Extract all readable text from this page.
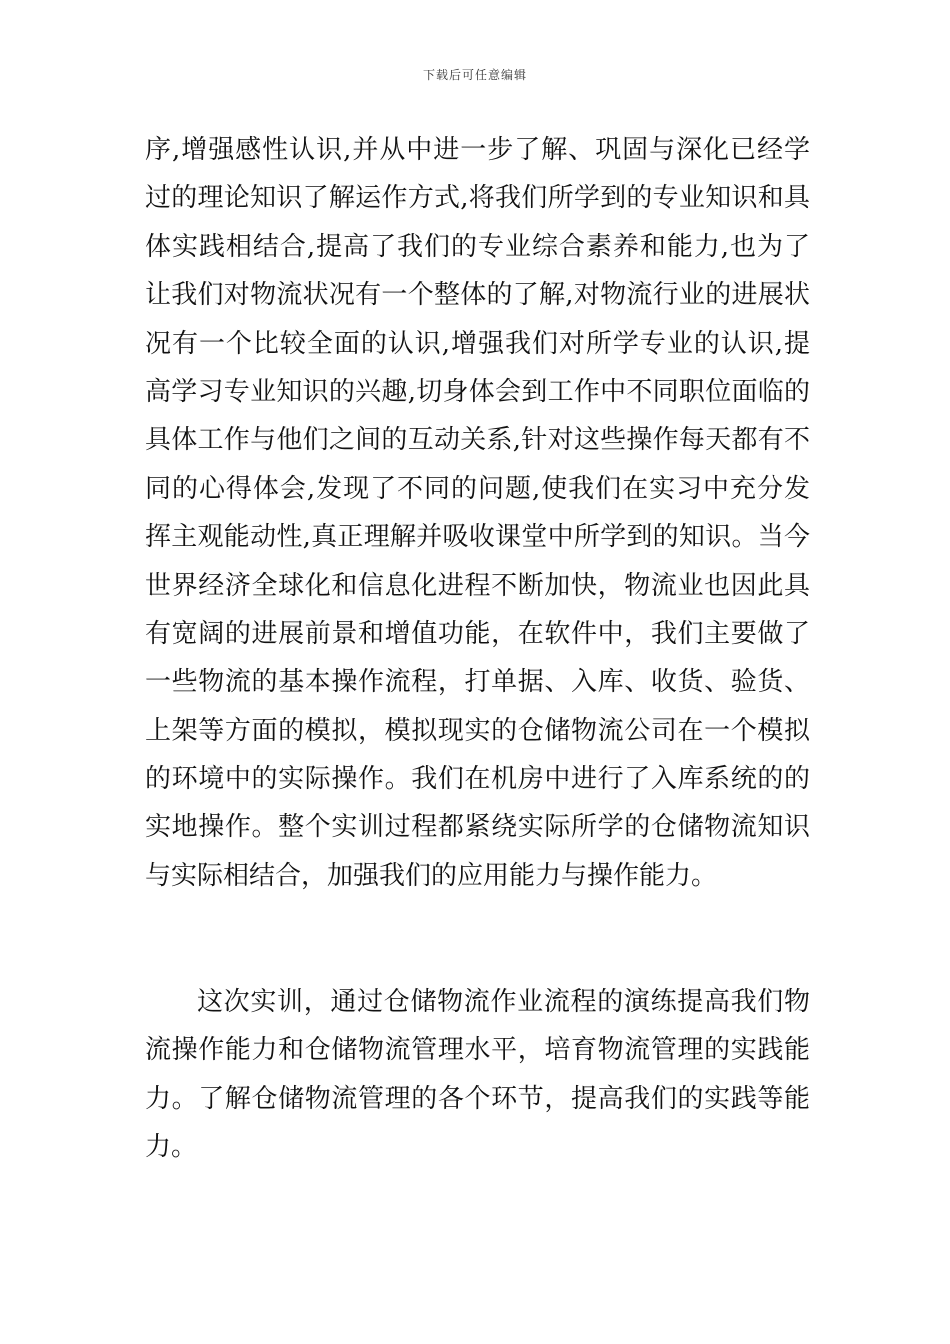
下载后可任意编辑
序,增强感性认识,并从中进一步了解、巩固与深化已经学
过的理论知识了解运作方式,将我们所学到的专业知识和具
体实践相结合,提高了我们的专业综合素养和能力,也为了
让我们对物流状况有一个整体的了解,对物流行业的进展状
况有一个比较全面的认识,增强我们对所学专业的认识,提
高学习专业知识的兴趣,切身体会到工作中不同职位面临的
具体工作与他们之间的互动关系,针对这些操作每天都有不
同的心得体会,发现了不同的问题,使我们在实习中充分发
挥主观能动性,真正理解并吸收课堂中所学到的知识。当今
世界经济全球化和信息化进程不断加快，物流业也因此具
有宽阔的进展前景和增值功能，在软件中，我们主要做了
一些物流的基本操作流程，打单据、入库、收货、验货、
上架等方面的模拟，模拟现实的仓储物流公司在一个模拟
的环境中的实际操作。我们在机房中进行了入库系统的的
实地操作。整个实训过程都紧绕实际所学的仓储物流知识
与实际相结合，加强我们的应用能力与操作能力。
这次实训，通过仓储物流作业流程的演练提高我们物
流操作能力和仓储物流管理水平，培育物流管理的实践能
力。了解仓储物流管理的各个环节，提高我们的实践等能
力。
